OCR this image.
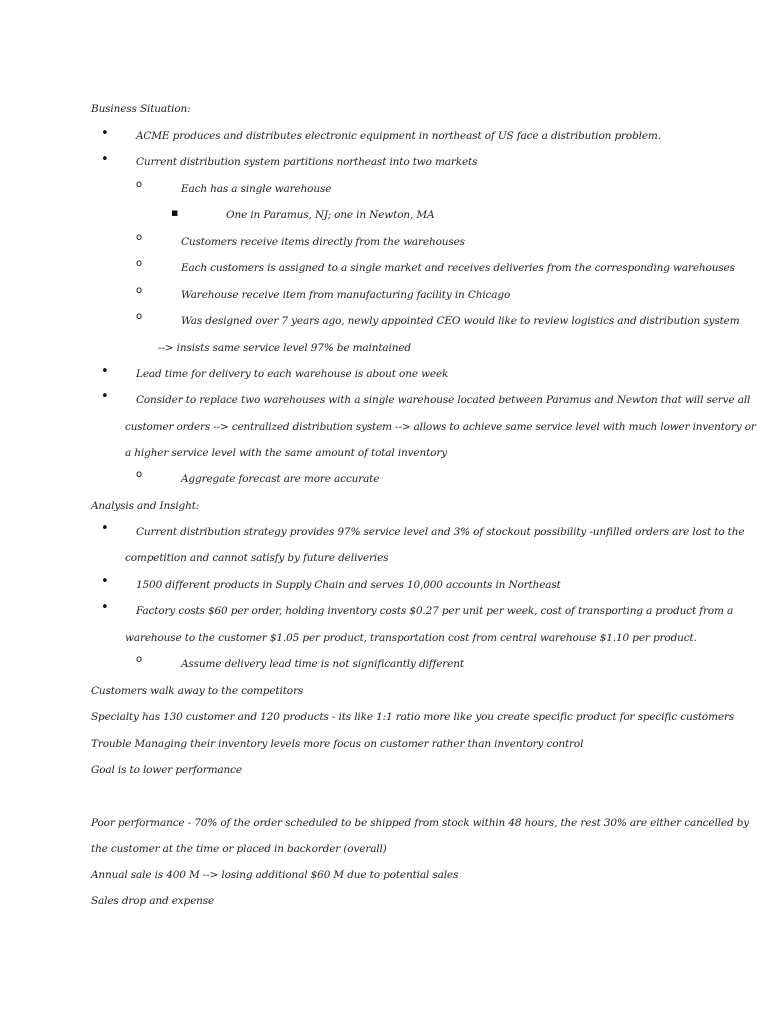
Business Situation:
•	ACME produces and distributes electronic equipment in northeast of US face a distribution problem.
•	Current distribution system partitions northeast into two markets
o	Each has a single warehouse
▪	One in Paramus, NJ; one in Newton, MA
o	Customers receive items directly from the warehouses
o	Each customers is assigned to a single market and receives deliveries from the corresponding warehouses
o	Warehouse receive item from manufacturing facility in Chicago
o	Was designed over 7 years ago, newly appointed CEO would like to review logistics and distribution system
--> insists same service level 97% be maintained
•	Lead time for delivery to each warehouse is about one week
•	Consider to replace two warehouses with a single warehouse located between Paramus and Newton that will serve all
customer orders --> centralized distribution system --> allows to achieve same service level with much lower inventory or
a higher service level with the same amount of total inventory
o	Aggregate forecast are more accurate
Analysis and Insight:
•	Current distribution strategy provides 97% service level and 3% of stockout possibility -unfilled orders are lost to the
competition and cannot satisfy by future deliveries
•	1500 different products in Supply Chain and serves 10,000 accounts in Northeast
•	Factory costs $60 per order, holding inventory costs $0.27 per unit per week, cost of transporting a product from a
warehouse to the customer $1.05 per product, transportation cost from central warehouse $1.10 per product.
o	Assume delivery lead time is not significantly different
Customers walk away to the competitors
Specialty has 130 customer and 120 products - its like 1:1 ratio more like you create specific product for specific customers
Trouble Managing their inventory levels more focus on customer rather than inventory control
Goal is to lower performance
Poor performance - 70% of the order scheduled to be shipped from stock within 48 hours, the rest 30% are either cancelled by
the customer at the time or placed in backorder (overall)
Annual sale is 400 M --> losing additional $60 M due to potential sales
Sales drop and expense
